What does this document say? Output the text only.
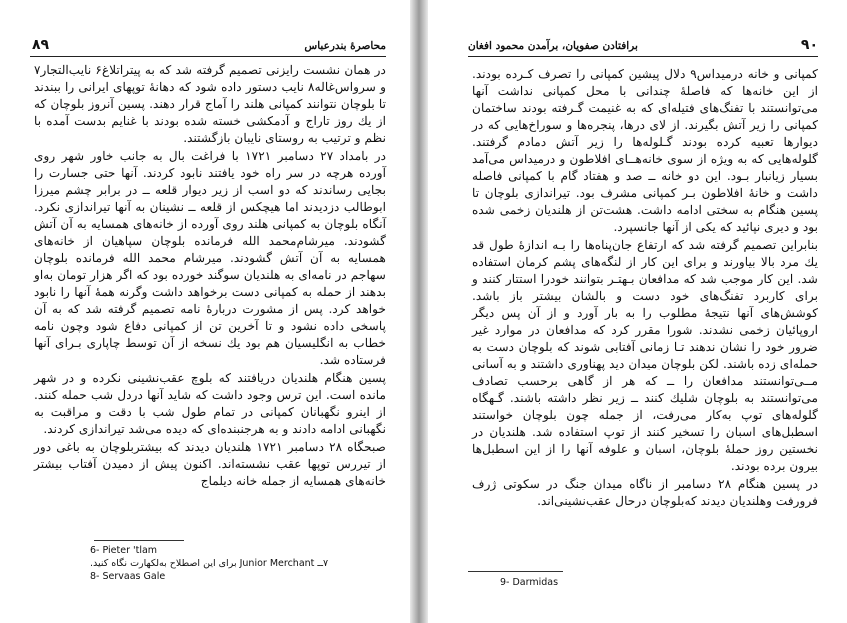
۸۹	محاصرهٔ بندرعباس

در همان نشست رایزنی تصمیم گرفته شد که به پیتراتلاغ۶ نایب‌التجار۷ و سرواس‌غاله۸ نایب دستور داده شود که دهانهٔ توپهای ایرانی را ببندند تا بلوچان نتوانند کمپانی هلند را آماج قرار دهند. پسین آنروز بلوچان که از یك روز تاراج و آدمکشی خسته شده بودند با غنایم بدست آمده با نظم و ترتیب به روستای نایبان بازگشتند.

در بامداد ۲۷ دسامبر ۱۷۲۱ با فراغت بال به جانب خاور شهر روی آورده هرچه در سر راه خود یافتند نابود کردند. آنها حتی جسارت را بجایی رساندند که دو اسب از زیر دیوار قلعه ــ در برابر چشم میرزا ابوطالب دزدیدند اما هیچکس از قلعه ــ نشینان به آنها تیراندازی نکرد. آنگاه بلوچان به کمپانی هلند روی آورده از خانه‌های همسایه به آن آتش گشودند. میرشام‌محمد الله فرمانده بلوچان سپاهیان از خانه‌های همسایه به آن آتش گشودند. میرشام محمد الله فرمانده بلوچان سهاجم در نامه‌ای به هلندیان سوگند خورده بود که اگر هزار تومان به‌او بدهند از حمله به کمپانی دست برخواهد داشت وگرنه همهٔ آنها را نابود خواهد کرد. پس از مشورت دربارهٔ نامه تصمیم گرفته شد که به آن پاسخی داده نشود و تا آخرین تن از کمپانی دفاع شود وچون نامه خطاب به انگلیسیان هم بود یك نسخه از آن توسط چاپاری بـرای آنها فرستاده شد.

پسین هنگام هلندیان دریافتند که بلوچ عقب‌نشینی نکرده و در شهر مانده است. این ترس وجود داشت که شاید آنها دردل شب حمله کنند. از اینرو نگهبانان کمپانی در تمام طول شب با دقت و مراقبت به نگهبانی ادامه دادند و به هرجنبنده‌ای که دیده می‌شد تیراندازی کردند.

صبحگاه ۲۸ دسامبر ۱۷۲۱ هلندیان دیدند که بیشتربلوچان به باغی دور از تیررس توپها عقب نشسته‌اند. اکنون پیش از دمیدن آفتاب بیشتر خانه‌های همسایه از جمله خانه دیلماج

6- Pieter 'tlam
۷ــ Junior Merchant برای این اصطلاح به‌لکهارت نگاه کنید.
8- Servaas Gale
۹۰
برافتادن صفویان، برآمدن محمود افغان

کمپانی و خانه درمیداس۹ دلال پیشین کمپانی را تصرف کـرده بودند. از این خانه‌ها که فاصلهٔ چندانی با محل کمپانی نداشت آنها می‌توانستند با تفنگ‌های فتیله‌ای که به غنیمت گـرفته بودند ساختمان کمپانی را زیر آتش بگیرند. از لای درها، پنجره‌ها و سوراخ‌هایی که در دیوارها تعبیه کرده بودند گـلوله‌ها را زیر آتش دمادم گرفتند. گلوله‌هایی که به ویژه از سوی خانه‌هــای افلاطون و درمیداس می‌آمد بسیار زیانبار بـود. این دو خانه ــ صد و هفتاد گام با کمپانی فاصله داشت و خانهٔ افلاطون بـر کمپانی مشرف بود. تیراندازی بلوچان تا پسین هنگام به سختی ادامه داشت. هشت‌تن از هلندیان زخمی شده بود و دیری نپائید که یکی از آنها جانسپرد.

بنابراین تصمیم گرفته شد که ارتفاع جان‌پناه‌ها را بـه اندازهٔ طول قد یك مرد بالا بیاورند و برای این کار از لنگه‌های پشم کرمان استفاده شد. این کار موجب شد که مدافعان بـهتـر بتوانند خودرا استتار کنند و برای کاربرد تفنگ‌های خود دست و بالشان بیشتر باز باشد. کوشش‌های آنها نتیجهٔ مطلوب را به بار آورد و از آن پس دیگر اروپائیان زخمی نشدند. شورا مقرر کرد که مدافعان در موارد غیر ضرور خود را نشان ندهند تـا زمانی آفتابی شوند که بلوچان دست به حمله‌ای زده باشند. لکن بلوچان میدان دید پهناوری داشتند و به آسانی مــی‌توانستند مدافعان را ــ که هر از گاهی برحسب تصادف می‌توانستند به بلوچان شلیك کنند ــ زیر نظر داشته باشند. گـهگاه گلوله‌های توپ به‌کار می‌رفت، از جمله چون بلوچان خواستند اسطبل‌های اسبان را تسخیر کنند از توپ استفاده شد. هلندیان در نخستین روز حملهٔ بلوچان، اسبان و علوفه آنها را از این اسطبل‌ها بیرون برده بودند.

در پسین هنگام ۲۸ دسامبر از ناگاه میدان جنگ در سکوتی ژرف فرورفت وهلندیان دیدند که‌بلوچان درحال عقب‌نشینی‌اند.

9- Darmidas
